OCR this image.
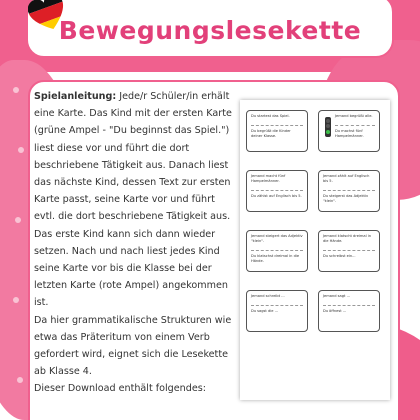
Bewegungslesekette

Spielanleitung: Jede/r Schüler/in erhält eine Karte. Das Kind mit der ersten Karte (grüne Ampel - "Du beginnst das Spiel.") liest diese vor und führt die dort beschriebene Tätigkeit aus. Danach liest das nächste Kind, dessen Text zur ersten Karte passt, seine Karte vor und führt evtl. die dort beschriebene Tätigkeit aus. Das erste Kind kann sich dann wieder setzen. Nach und nach liest jedes Kind seine Karte vor bis die Klasse bei der letzten Karte (rote Ampel) angekommen ist.

Da hier grammatikalische Strukturen wie etwa das Präteritum von einem Verb gefordert wird, eignet sich die Lesekette ab Klasse 4.

Dieser Download enthält folgendes:

Du startest das Spiel.
Du begrüßt die Kinder deiner Klasse.
Jemand begrüßt alle.
Du machst fünf Hampelmänner.
Jemand macht fünf Hampelmänner.
Du zählst auf Englisch bis 5.
Jemand zählt auf Englisch bis 5.
Du steigerst das Adjektiv "klein".
Jemand steigert das Adjektiv "klein".
Du klatschst dreimal in die Hände.
Jemand klatscht dreimal in die Hände.
Du schreibst ein...
Jemand schreibt ...
Du sagst die ...
Jemand sagt ...
Du öffnest ...
